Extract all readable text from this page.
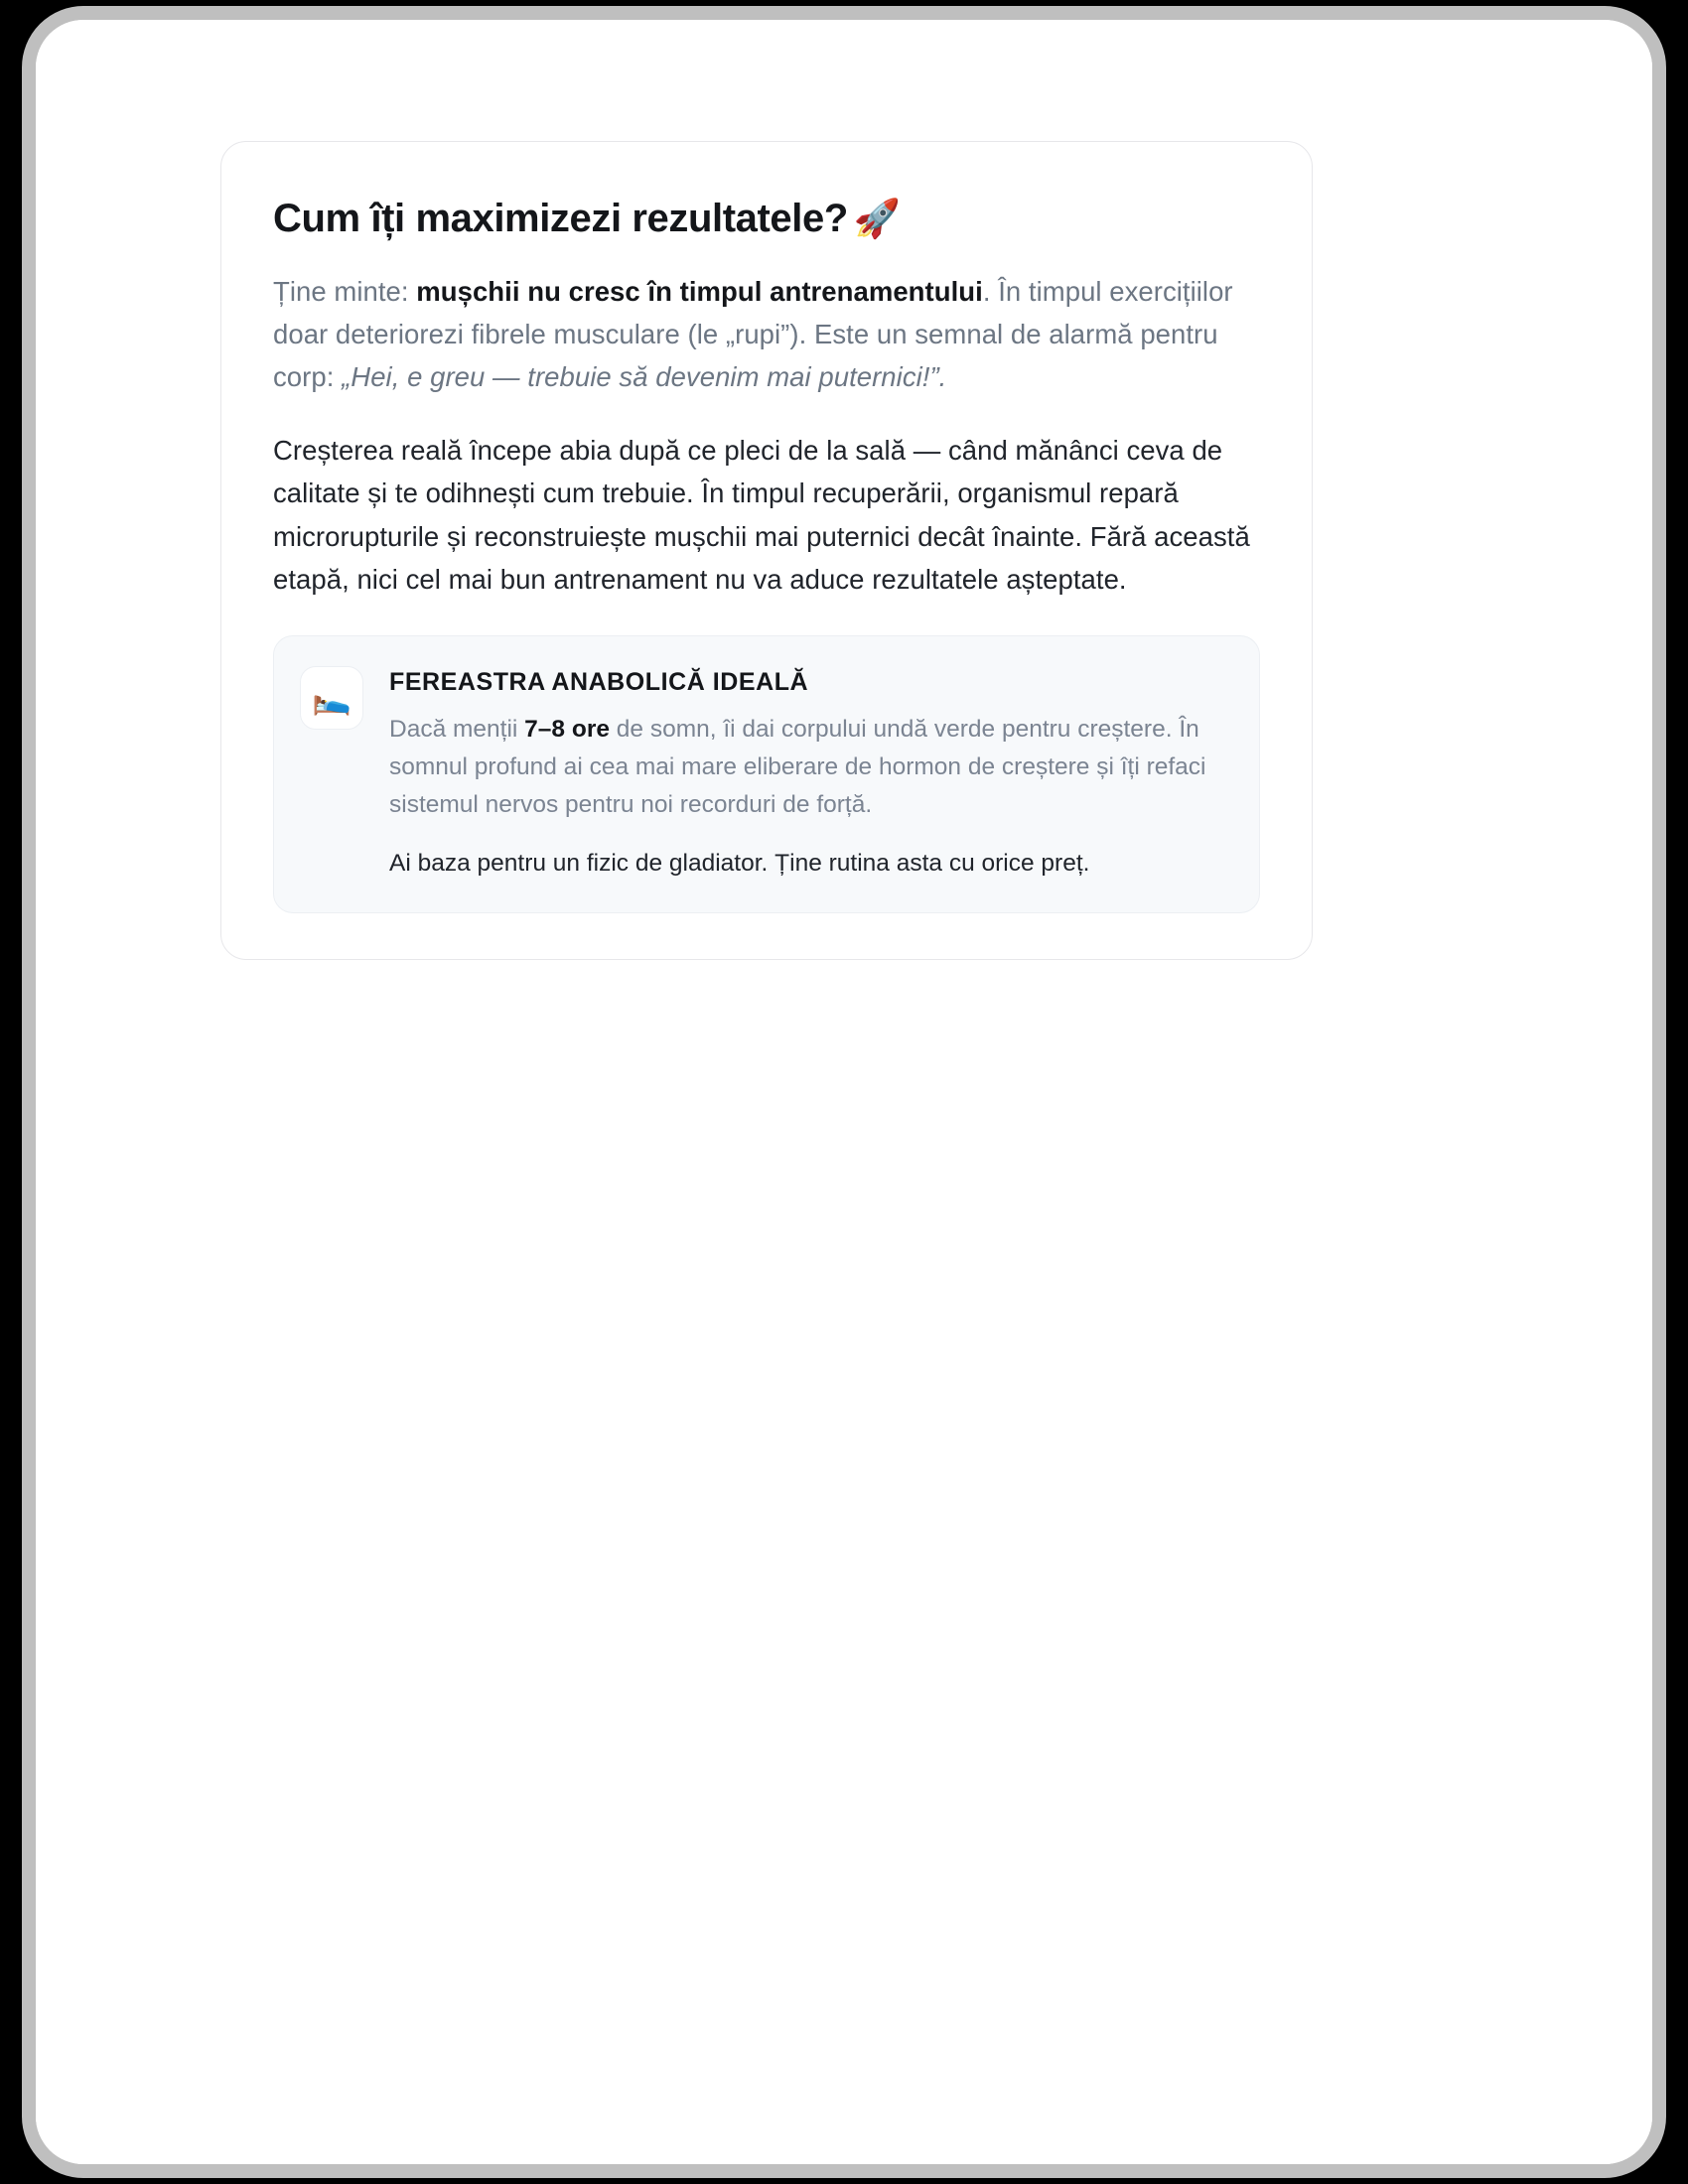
Cum îți maximizezi rezultatele? 🚀

Ține minte: mușchii nu cresc în timpul antrenamentului. În timpul exercițiilor doar deteriorezi fibrele musculare (le „rupi”). Este un semnal de alarmă pentru corp: „Hei, e greu — trebuie să devenim mai puternici!”.

Creșterea reală începe abia după ce pleci de la sală — când mănânci ceva de calitate și te odihnești cum trebuie. În timpul recuperării, organismul repară microrupturile și reconstruiește mușchii mai puternici decât înainte. Fără această etapă, nici cel mai bun antrenament nu va aduce rezultatele așteptate.

🛌	FEREASTRA ANABOLICĂ IDEALĂ

Dacă menții 7–8 ore de somn, îi dai corpului undă verde pentru creștere. În somnul profund ai cea mai mare eliberare de hormon de creștere și îți refaci sistemul nervos pentru noi recorduri de forță.

Ai baza pentru un fizic de gladiator. Ține rutina asta cu orice preț.
